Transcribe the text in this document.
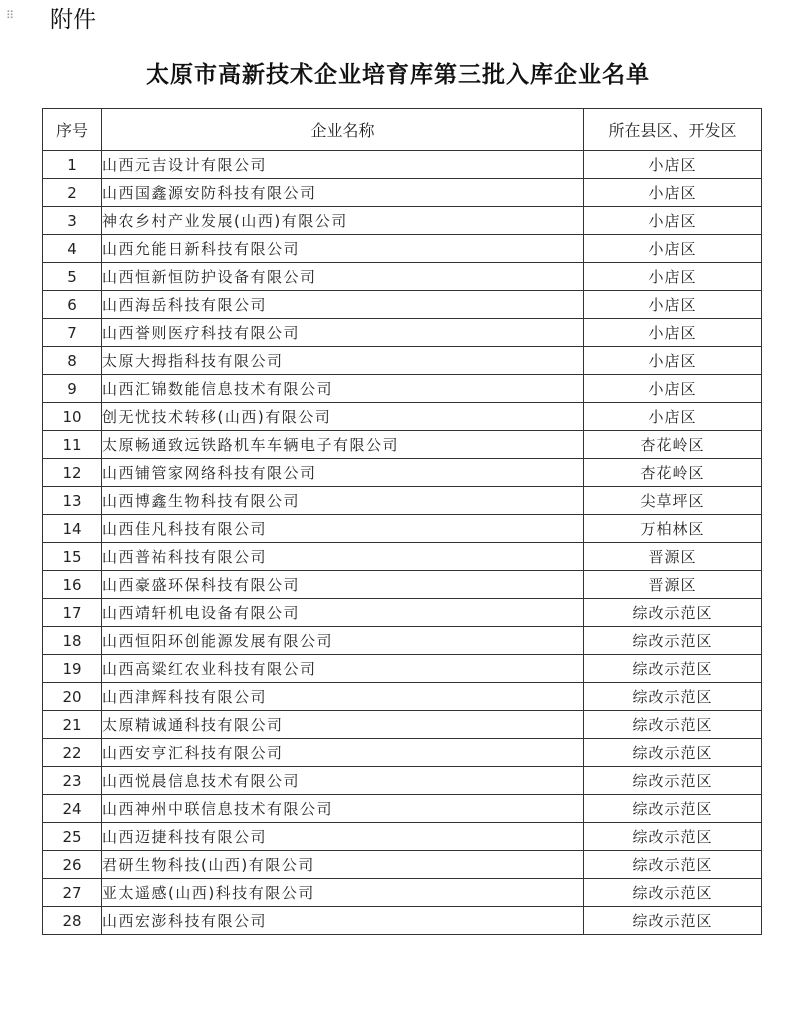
⠿ 附件
太原市高新技术企业培育库第三批入库企业名单
序号	企业名称	所在县区、开发区
1	山西元吉设计有限公司	小店区
2	山西国鑫源安防科技有限公司	小店区
3	神农乡村产业发展(山西)有限公司	小店区
4	山西允能日新科技有限公司	小店区
5	山西恒新恒防护设备有限公司	小店区
6	山西海岳科技有限公司	小店区
7	山西誉则医疗科技有限公司	小店区
8	太原大拇指科技有限公司	小店区
9	山西汇锦数能信息技术有限公司	小店区
10	创无忧技术转移(山西)有限公司	小店区
11	太原畅通致远铁路机车车辆电子有限公司	杏花岭区
12	山西铺管家网络科技有限公司	杏花岭区
13	山西博鑫生物科技有限公司	尖草坪区
14	山西佳凡科技有限公司	万柏林区
15	山西普祐科技有限公司	晋源区
16	山西豪盛环保科技有限公司	晋源区
17	山西靖轩机电设备有限公司	综改示范区
18	山西恒阳环创能源发展有限公司	综改示范区
19	山西高粱红农业科技有限公司	综改示范区
20	山西津辉科技有限公司	综改示范区
21	太原精诚通科技有限公司	综改示范区
22	山西安亨汇科技有限公司	综改示范区
23	山西悦晨信息技术有限公司	综改示范区
24	山西神州中联信息技术有限公司	综改示范区
25	山西迈捷科技有限公司	综改示范区
26	君研生物科技(山西)有限公司	综改示范区
27	亚太遥感(山西)科技有限公司	综改示范区
28	山西宏澎科技有限公司	综改示范区
